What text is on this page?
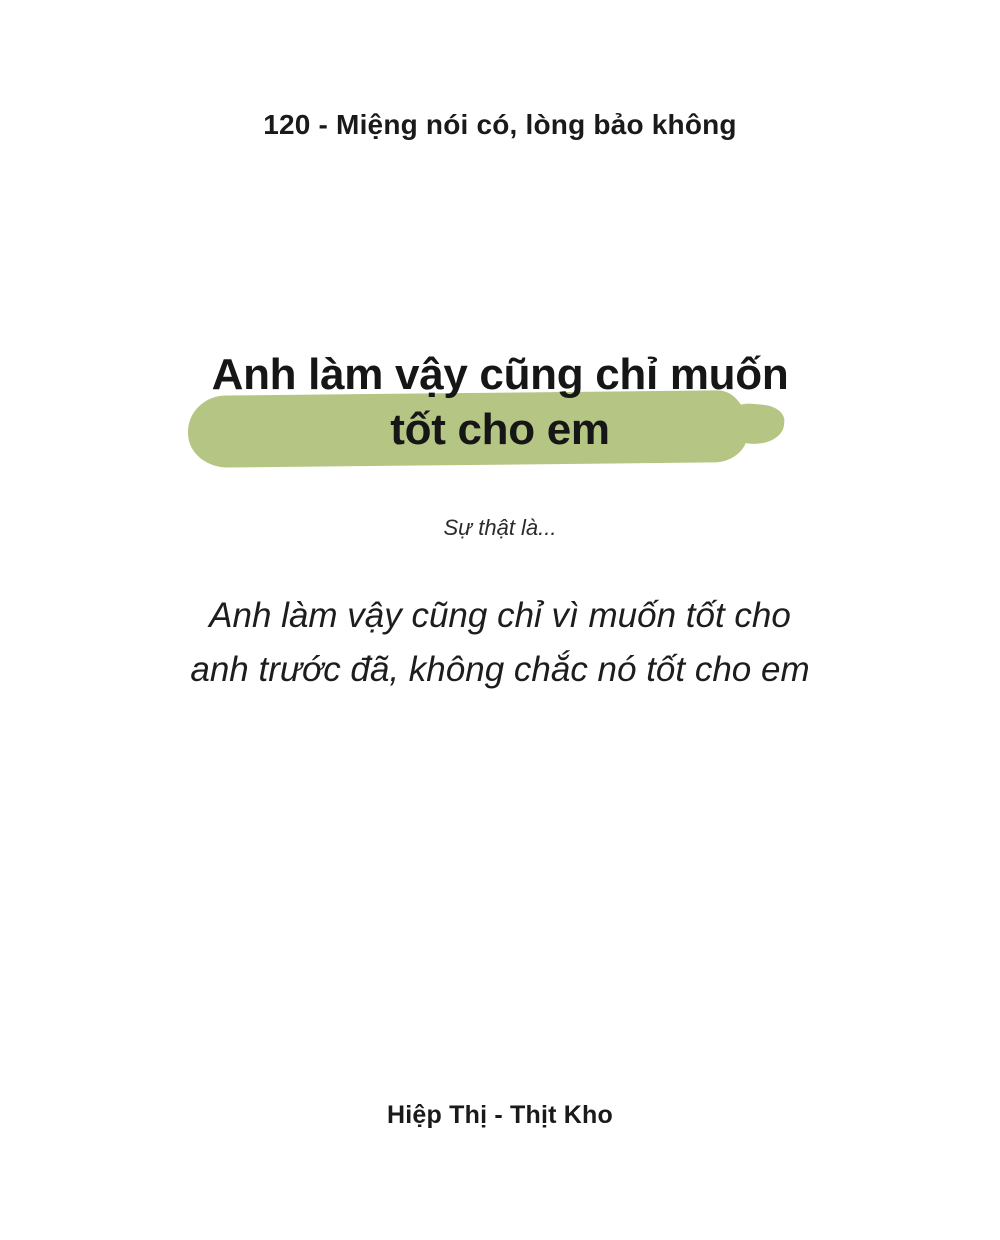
120 - Miệng nói có, lòng bảo không
Anh làm vậy cũng chỉ muốn tốt cho em
Sự thật là...
Anh làm vậy cũng chỉ vì muốn tốt cho anh trước đã, không chắc nó tốt cho em
Hiệp Thị - Thịt Kho
